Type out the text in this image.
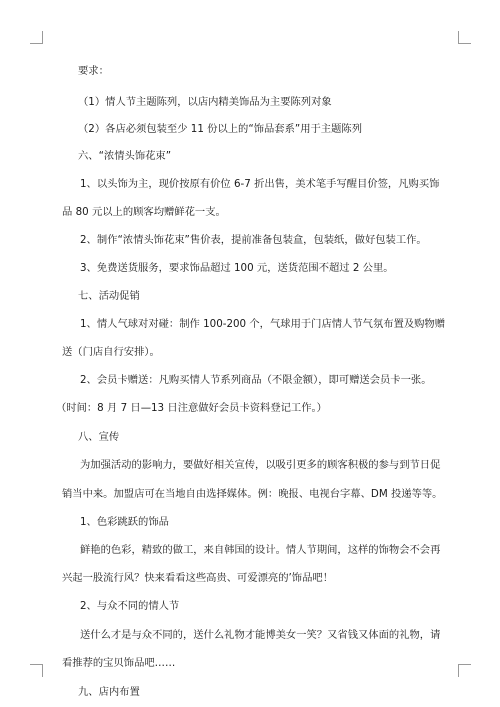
要求：
（1）情人节主题陈列，以店内精美饰品为主要陈列对象
（2）各店必须包装至少 11 份以上的“饰品套系”用于主题陈列
六、“浓情头饰花束”
1、以头饰为主，现价按原有价位 6-7 折出售，美术笔手写醒目价签，凡购买饰
品 80 元以上的顾客均赠鲜花一支。
2、制作“浓情头饰花束”售价表，提前准备包装盒，包装纸，做好包装工作。
3、免费送货服务，要求饰品超过 100 元，送货范围不超过 2 公里。
七、活动促销
1、情人气球对对碰：制作 100-200 个，气球用于门店情人节气氛布置及购物赠
送（门店自行安排）。
2、会员卡赠送：凡购买情人节系列商品（不限金额），即可赠送会员卡一张。
（时间：8 月 7 日—13 日注意做好会员卡资料登记工作。）
八、宣传
为加强活动的影响力，要做好相关宣传，以吸引更多的顾客积极的参与到节日促
销当中来。加盟店可在当地自由选择媒体。例：晚报、电视台字幕、DM 投递等等。
1、色彩跳跃的饰品
鲜艳的色彩，精致的做工，来自韩国的设计。情人节期间，这样的饰物会不会再
兴起一股流行风？快来看看这些高贵、可爱漂亮的’饰品吧！
2、与众不同的情人节
送什么才是与众不同的，送什么礼物才能博美女一笑？又省钱又体面的礼物，请
看推荐的宝贝饰品吧……
九、店内布置
